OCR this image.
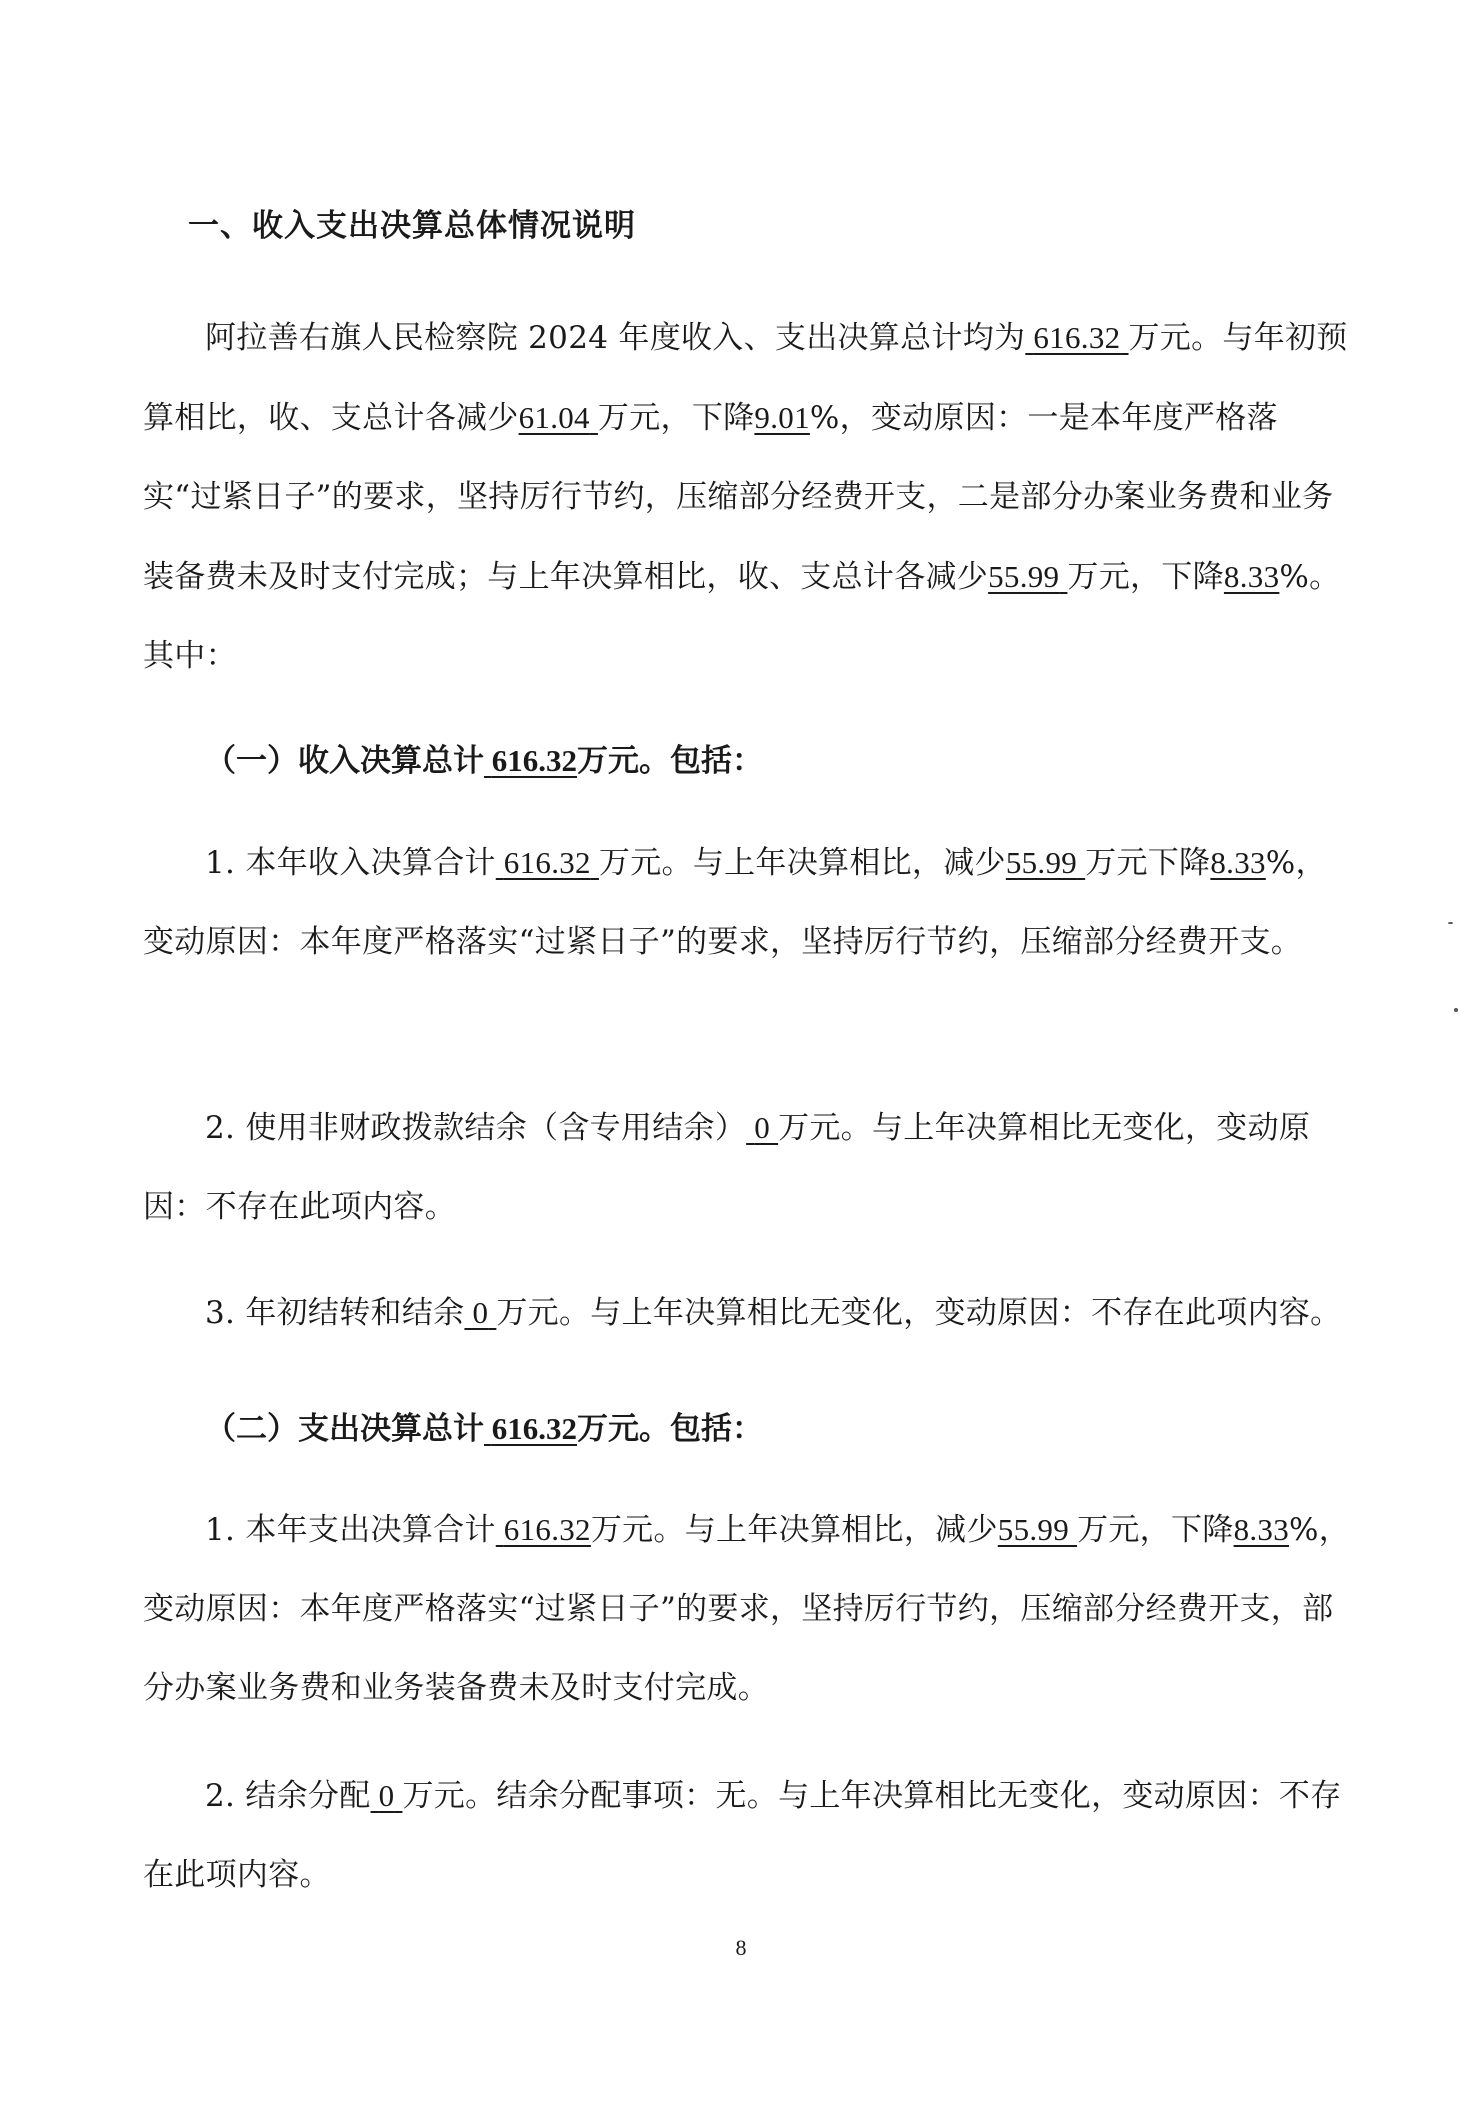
一、收入支出决算总体情况说明

阿拉善右旗人民检察院 2024 年度收入、支出决算总计均为 616.32 万元。与年初预算相比，收、支总计各减少61.04 万元，下降9.01%，变动原因：一是本年度严格落实“过紧日子”的要求，坚持厉行节约，压缩部分经费开支，二是部分办案业务费和业务装备费未及时支付完成；与上年决算相比，收、支总计各减少55.99 万元，下降8.33%。其中：

（一）收入决算总计 616.32万元。包括：

1. 本年收入决算合计 616.32 万元。与上年决算相比，减少55.99 万元下降8.33%，变动原因：本年度严格落实“过紧日子”的要求，坚持厉行节约，压缩部分经费开支。

2. 使用非财政拨款结余（含专用结余） 0 万元。与上年决算相比无变化，变动原因：不存在此项内容。

3. 年初结转和结余 0 万元。与上年决算相比无变化，变动原因：不存在此项内容。

（二）支出决算总计 616.32万元。包括：

1. 本年支出决算合计 616.32万元。与上年决算相比，减少55.99 万元，下降8.33%，变动原因：本年度严格落实“过紧日子”的要求，坚持厉行节约，压缩部分经费开支，部分办案业务费和业务装备费未及时支付完成。

2. 结余分配 0 万元。结余分配事项：无。与上年决算相比无变化，变动原因：不存在此项内容。

8
